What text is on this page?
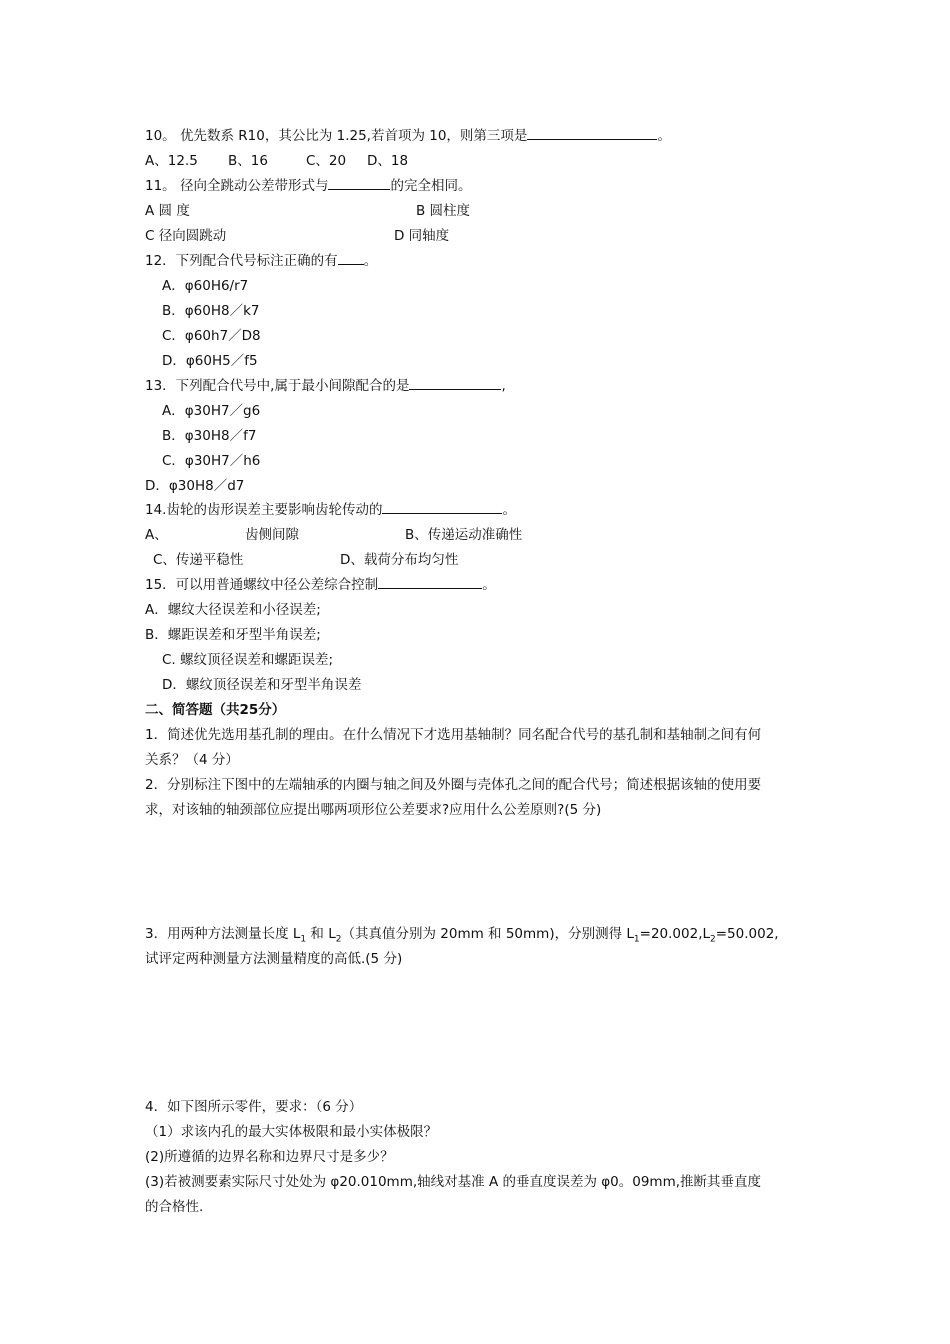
10。 优先数系 R10，其公比为 1.25,若首项为 10，则第三项是	。
A、12.5 B、16	C、20 D、18
11。 径向全跳动公差带形式与	的完全相同。
A 圆 度	B 圆柱度
C 径向圆跳动	D 同轴度
12．下列配合代号标注正确的有 。
A．φ60H6/r7
B．φ60H8／k7
C．φ60h7／D8
D．φ60H5／f5
13．下列配合代号中,属于最小间隙配合的是	,
A．φ30H7／g6
B．φ30H8／f7
C．φ30H7／h6
D．φ30H8／d7
14.齿轮的齿形误差主要影响齿轮传动的	。
A、	齿侧间隙	B、传递运动准确性
C、传递平稳性	D、载荷分布均匀性
15．可以用普通螺纹中径公差综合控制	。
A．螺纹大径误差和小径误差;
B．螺距误差和牙型半角误差;
C. 螺纹顶径误差和螺距误差;
D．螺纹顶径误差和牙型半角误差
二、简答题（共25分）
1．简述优先选用基孔制的理由。在什么情况下才选用基轴制？同名配合代号的基孔制和基轴制之间有何
关系？（4 分）
2．分别标注下图中的左端轴承的内圈与轴之间及外圈与壳体孔之间的配合代号；简述根据该轴的使用要
求，对该轴的轴颈部位应提出哪两项形位公差要求?应用什么公差原则?(5 分)
3．用两种方法测量长度 $L_1$ 和 $L_2$（其真值分别为 20mm 和 50mm)，分别测得 $L_1=20.002,L_2=50.002$,
试评定两种测量方法测量精度的高低.(5 分)
4．如下图所示零件，要求：（6 分）
（1）求该内孔的最大实体极限和最小实体极限？
(2)所遵循的边界名称和边界尺寸是多少？
(3)若被测要素实际尺寸处处为 φ20.010mm,轴线对基准 A 的垂直度误差为 φ0。09mm,推断其垂直度
的合格性.
